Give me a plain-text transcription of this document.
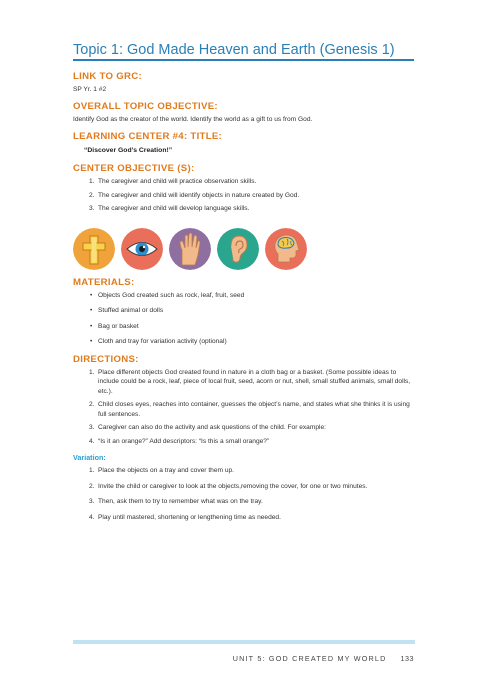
Topic 1: God Made Heaven and Earth (Genesis 1)
LINK TO GRC:
SP Yr. 1 #2
OVERALL TOPIC OBJECTIVE:
Identify God as the creator of the world. Identify the world as a gift to us from God.
LEARNING CENTER #4: TITLE:
“Discover God’s Creation!”
CENTER OBJECTIVE (S):
1. The caregiver and child will practice observation skills.
2. The caregiver and child will identify objects in nature created by God.
3. The caregiver and child will develop language skills.
MATERIALS:
• Objects God created such as rock, leaf, fruit, seed
• Stuffed animal or dolls
• Bag or basket
• Cloth and tray for variation activity (optional)
DIRECTIONS:
1. Place different objects God created found in nature in a cloth bag or a basket. (Some possible ideas to include could be a rock, leaf, piece of local fruit, seed, acorn or nut, shell, small stuffed animals, small dolls, etc.).
2. Child closes eyes, reaches into container, guesses the object’s name, and states what she thinks it is using full sentences.
3. Caregiver can also do the activity and ask questions of the child. For example:
4. “Is it an orange?” Add descriptors: “Is this a small orange?”
Variation:
1. Place the objects on a tray and cover them up.
2. Invite the child or caregiver to look at the objects,removing the cover, for one or two minutes.
3. Then, ask them to try to remember what was on the tray.
4. Play until mastered, shortening or lengthening time as needed.
UNIT 5: GOD CREATED MY WORLD 133
